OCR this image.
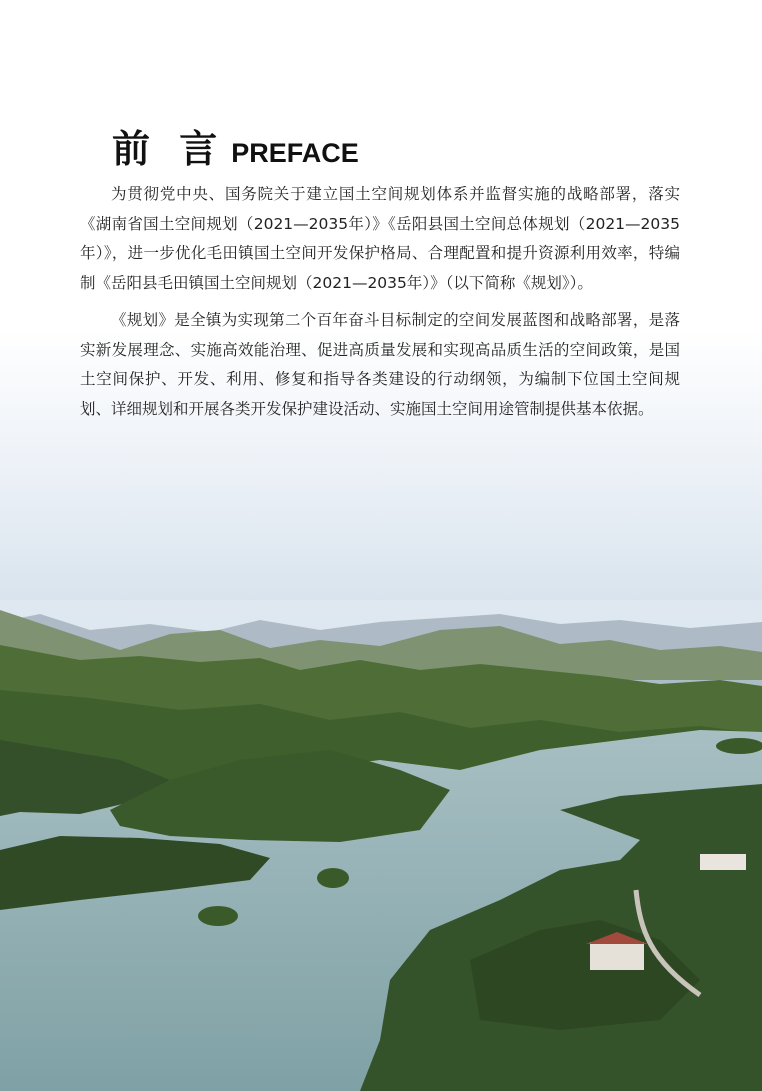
前 言 PREFACE

为贯彻党中央、国务院关于建立国土空间规划体系并监督实施的战略部署，落实《湖南省国土空间规划（2021—2035年）》《岳阳县国土空间总体规划（2021—2035年）》，进一步优化毛田镇国土空间开发保护格局、合理配置和提升资源利用效率，特编制《岳阳县毛田镇国土空间规划（2021—2035年）》（以下简称《规划》）。

《规划》是全镇为实现第二个百年奋斗目标制定的空间发展蓝图和战略部署，是落实新发展理念、实施高效能治理、促进高质量发展和实现高品质生活的空间政策，是国土空间保护、开发、利用、修复和指导各类建设的行动纲领，为编制下位国土空间规划、详细规划和开展各类开发保护建设活动、实施国土空间用途管制提供基本依据。
